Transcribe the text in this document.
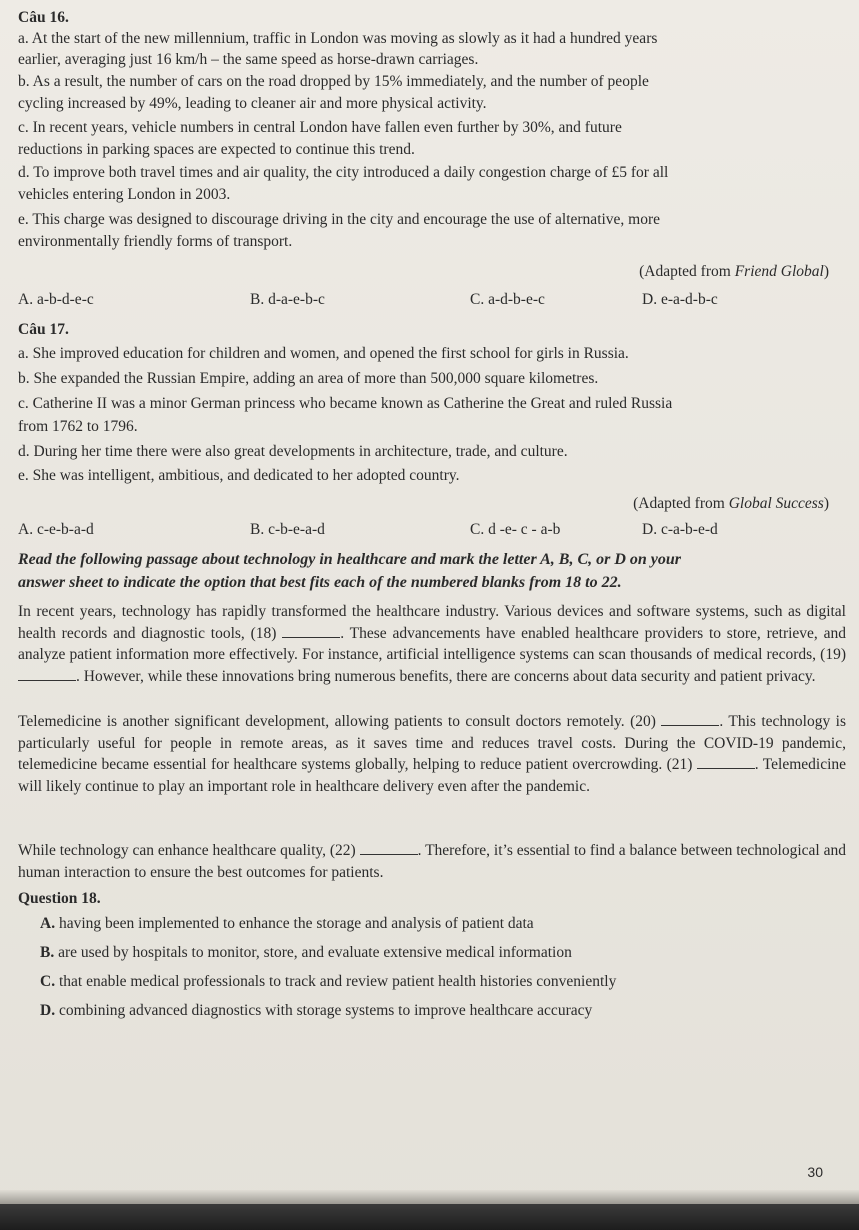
Câu 16.
a. At the start of the new millennium, traffic in London was moving as slowly as it had a hundred years
earlier, averaging just 16 km/h – the same speed as horse-drawn carriages.
b. As a result, the number of cars on the road dropped by 15% immediately, and the number of people
cycling increased by 49%, leading to cleaner air and more physical activity.
c. In recent years, vehicle numbers in central London have fallen even further by 30%, and future
reductions in parking spaces are expected to continue this trend.
d. To improve both travel times and air quality, the city introduced a daily congestion charge of £5 for all
vehicles entering London in 2003.
e. This charge was designed to discourage driving in the city and encourage the use of alternative, more
environmentally friendly forms of transport.
(Adapted from Friend Global)
A. a-b-d-e-c	B. d-a-e-b-c	C. a-d-b-e-c	D. e-a-d-b-c
Câu 17.
a. She improved education for children and women, and opened the first school for girls in Russia.
b. She expanded the Russian Empire, adding an area of more than 500,000 square kilometres.
c. Catherine II was a minor German princess who became known as Catherine the Great and ruled Russia
from 1762 to 1796.
d. During her time there were also great developments in architecture, trade, and culture.
e. She was intelligent, ambitious, and dedicated to her adopted country.
(Adapted from Global Success)
A. c-e-b-a-d	B. c-b-e-a-d	C. d -e- c - a-b	D. c-a-b-e-d
Read the following passage about technology in healthcare and mark the letter A, B, C, or D on your
answer sheet to indicate the option that best fits each of the numbered blanks from 18 to 22.
In recent years, technology has rapidly transformed the healthcare industry. Various devices and software systems, such as digital health records and diagnostic tools, (18)	. These advancements have enabled healthcare providers to store, retrieve, and analyze patient information more effectively. For instance, artificial intelligence systems can scan thousands of medical records, (19) . However, while these innovations bring numerous benefits, there are concerns about data security and patient privacy.
Telemedicine is another significant development, allowing patients to consult doctors remotely. (20)	. This technology is particularly useful for people in remote areas, as it saves time and reduces travel costs. During the COVID-19 pandemic, telemedicine became essential for healthcare systems globally, helping to reduce patient overcrowding. (21)	. Telemedicine will likely continue to play an important role in healthcare delivery even after the pandemic.
While technology can enhance healthcare quality, (22)	. Therefore, it’s essential to find a balance between technological and human interaction to ensure the best outcomes for patients.
Question 18.
A. having been implemented to enhance the storage and analysis of patient data
B. are used by hospitals to monitor, store, and evaluate extensive medical information
C. that enable medical professionals to track and review patient health histories conveniently
D. combining advanced diagnostics with storage systems to improve healthcare accuracy
30
